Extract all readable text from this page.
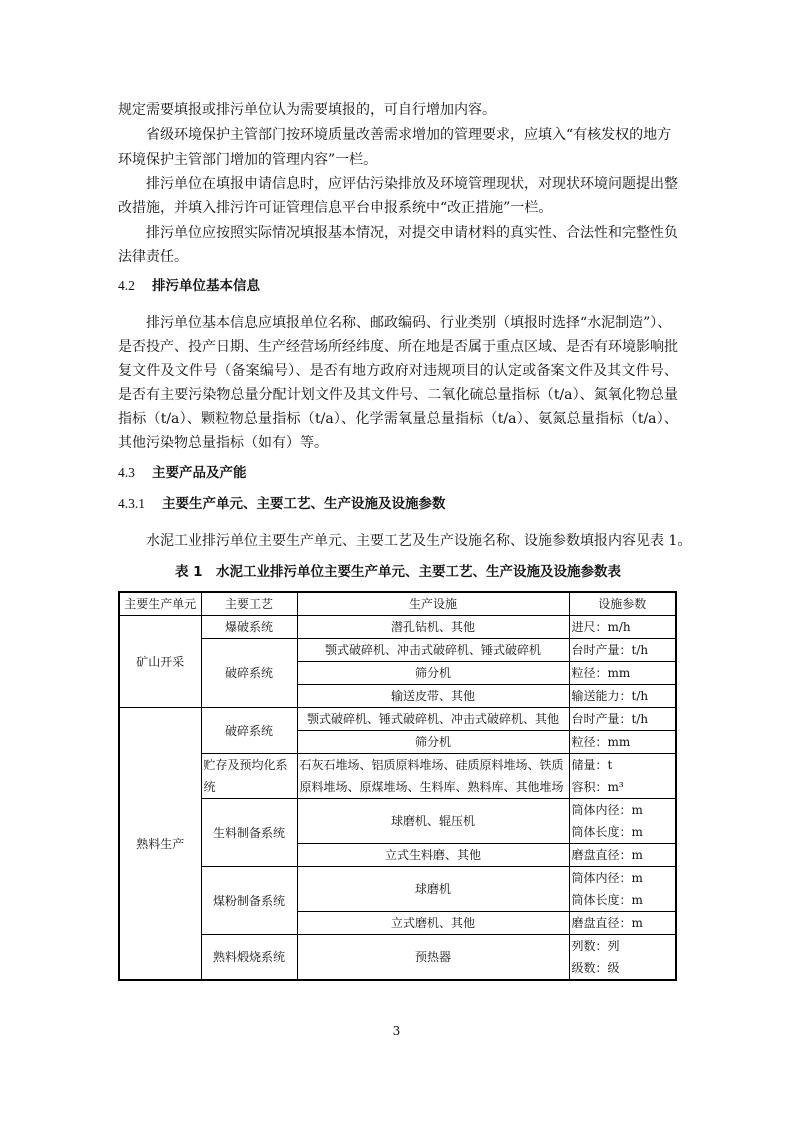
规定需要填报或排污单位认为需要填报的，可自行增加内容。
省级环境保护主管部门按环境质量改善需求增加的管理要求，应填入“有核发权的地方
环境保护主管部门增加的管理内容”一栏。
排污单位在填报申请信息时，应评估污染排放及环境管理现状，对现状环境问题提出整
改措施，并填入排污许可证管理信息平台申报系统中“改正措施”一栏。
排污单位应按照实际情况填报基本情况，对提交申请材料的真实性、合法性和完整性负
法律责任。
4.2 排污单位基本信息
排污单位基本信息应填报单位名称、邮政编码、行业类别（填报时选择“水泥制造”）、
是否投产、投产日期、生产经营场所经纬度、所在地是否属于重点区域、是否有环境影响批
复文件及文件号（备案编号）、是否有地方政府对违规项目的认定或备案文件及其文件号、
是否有主要污染物总量分配计划文件及其文件号、二氧化硫总量指标（t/a）、氮氧化物总量
指标（t/a）、颗粒物总量指标（t/a）、化学需氧量总量指标（t/a）、氨氮总量指标（t/a）、
其他污染物总量指标（如有）等。
4.3 主要产品及产能
4.3.1 主要生产单元、主要工艺、生产设施及设施参数
水泥工业排污单位主要生产单元、主要工艺及生产设施名称、设施参数填报内容见表 1。
表 1　水泥工业排污单位主要生产单元、主要工艺、生产设施及设施参数表
主要生产单元	主要工艺	生产设施	设施参数
矿山开采	爆破系统	潜孔钻机、其他	进尺：m/h
	破碎系统	颚式破碎机、冲击式破碎机、锤式破碎机	台时产量：t/h
		筛分机	粒径：mm
		输送皮带、其他	输送能力：t/h
熟料生产	破碎系统	颚式破碎机、锤式破碎机、冲击式破碎机、其他	台时产量：t/h
		筛分机	粒径：mm
	贮存及预均化系统	石灰石堆场、铝质原料堆场、硅质原料堆场、铁质原料堆场、原煤堆场、生料库、熟料库、其他堆场	储量：t
容积：m³

	生料制备系统	球磨机、辊压机	筒体内径：m
筒体长度：m

		立式生料磨、其他	磨盘直径：m
	煤粉制备系统	球磨机	筒体内径：m
筒体长度：m

		立式磨机、其他	磨盘直径：m
	熟料煅烧系统	预热器	列数：列
级数：级
3
